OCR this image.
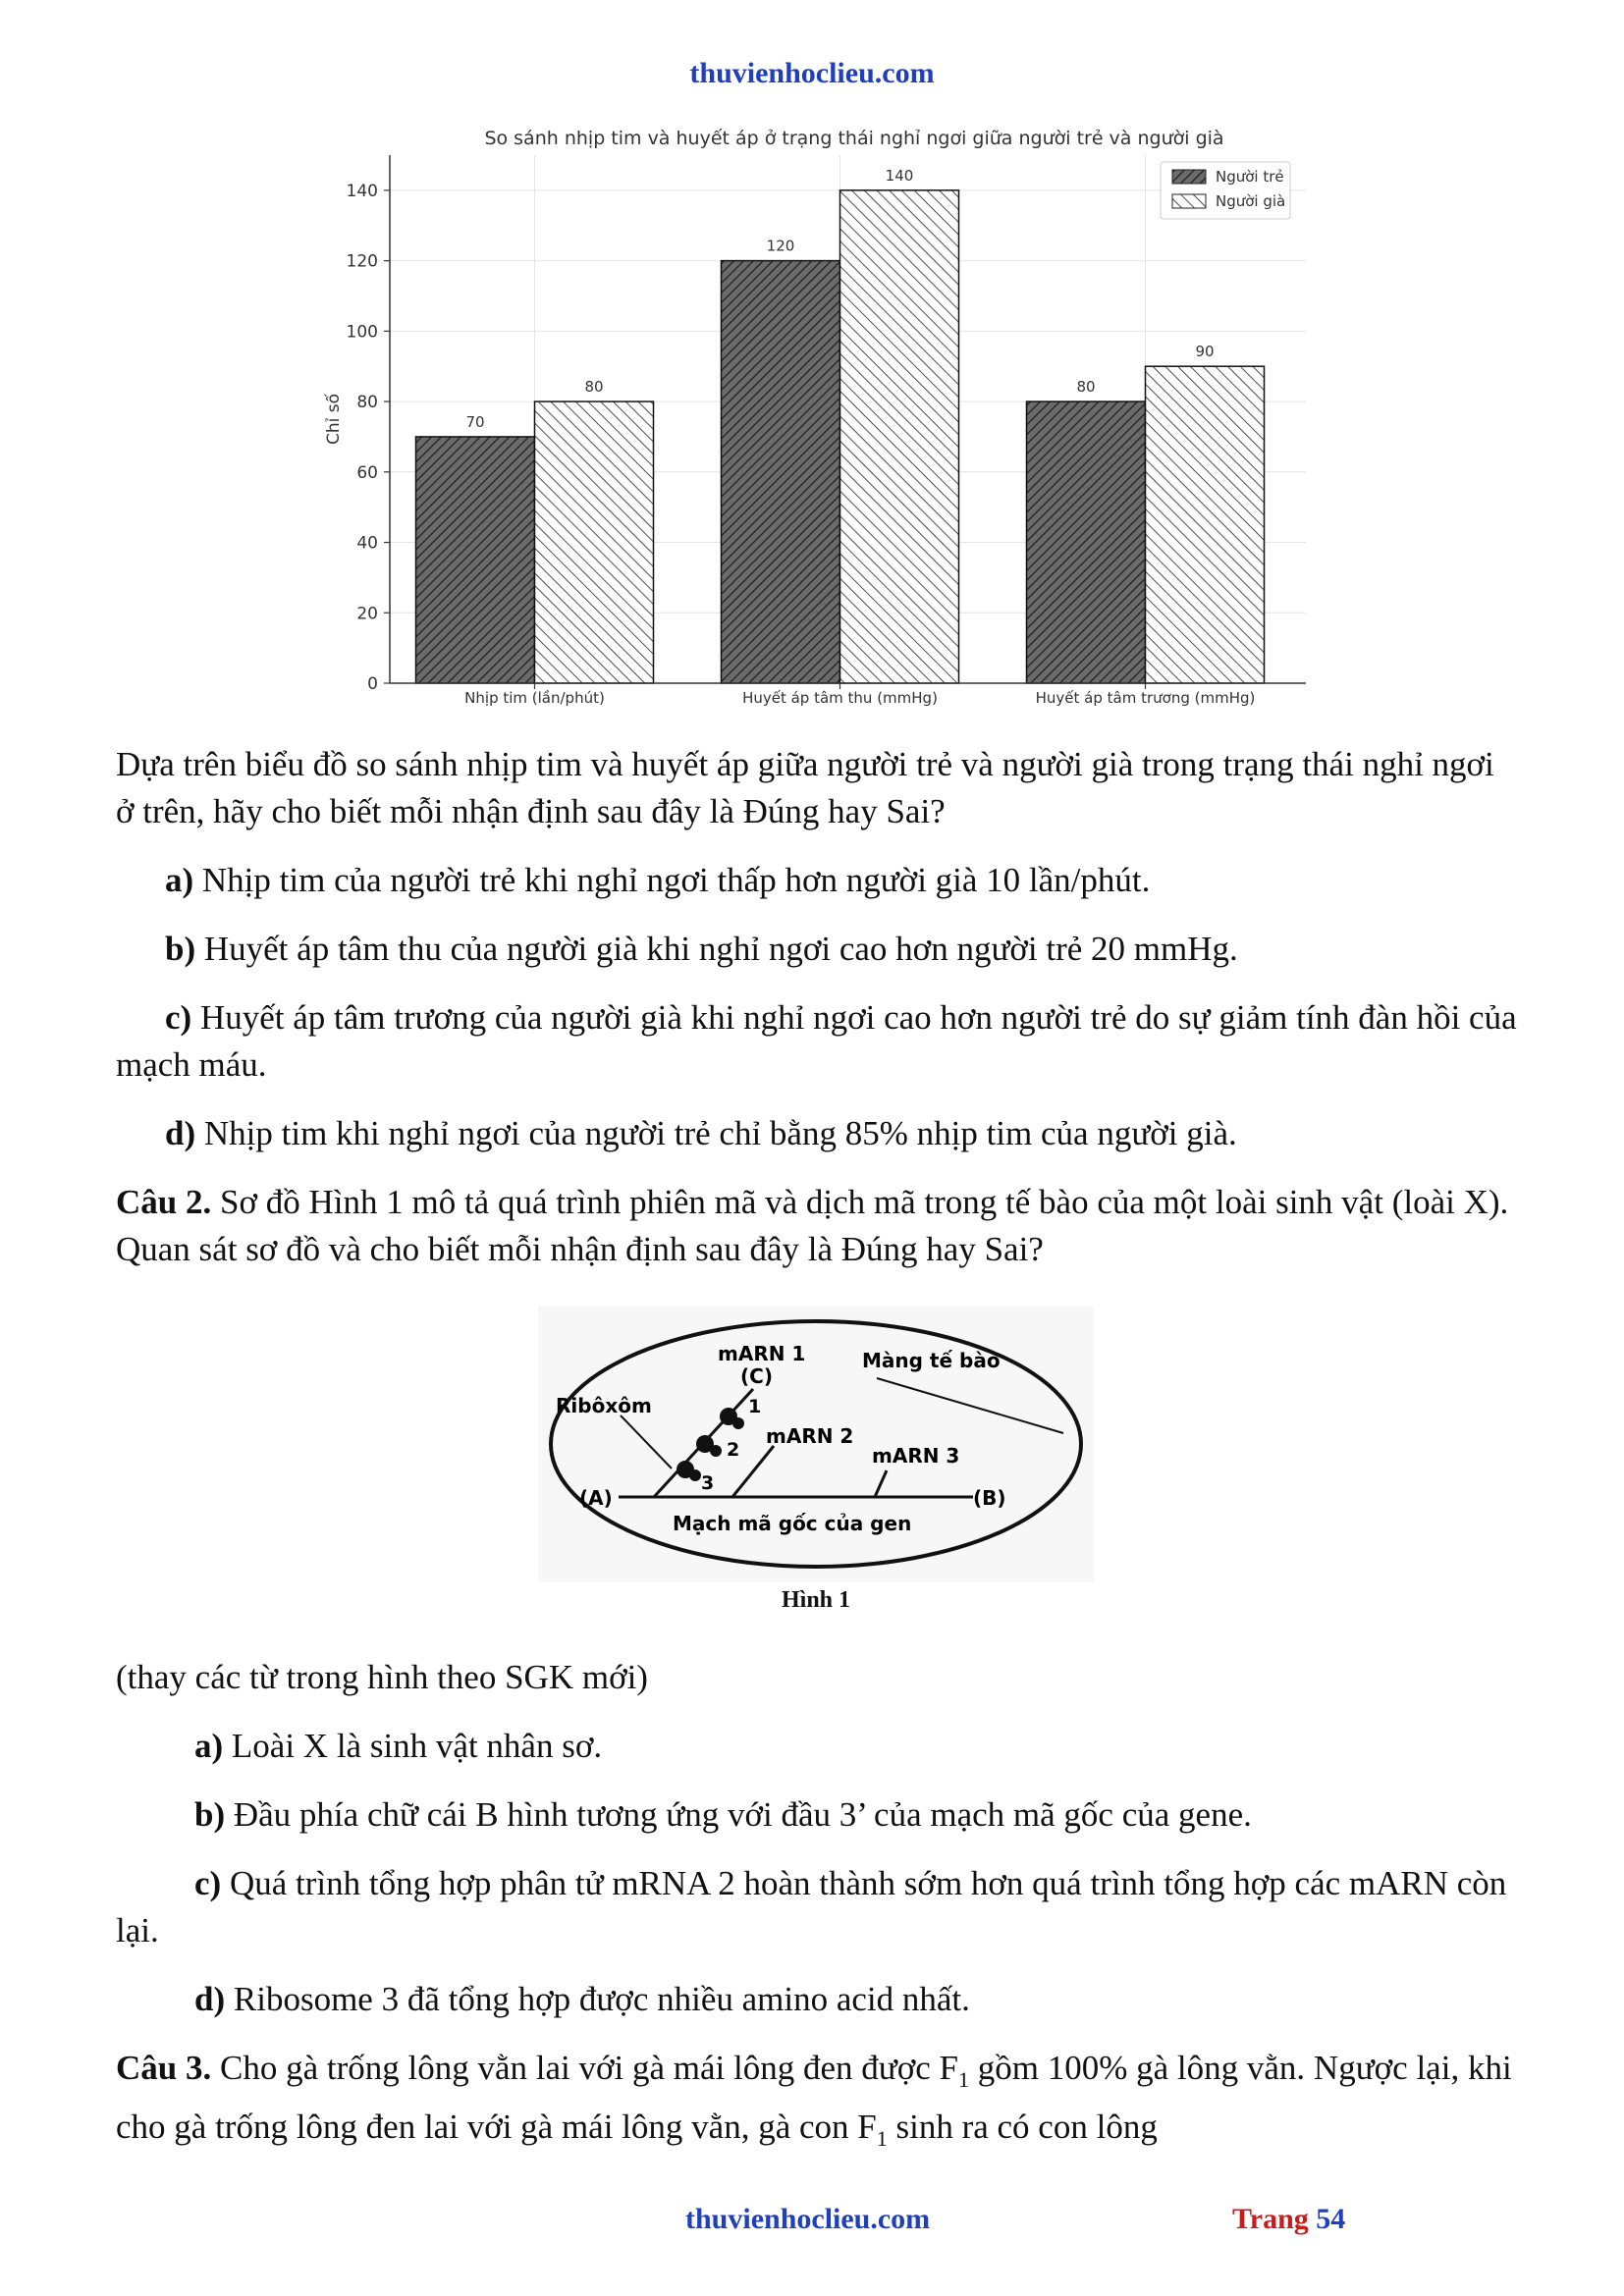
thuvienhoclieu.com
So sánh nhịp tim và huyết áp ở trạng thái nghỉ ngơi giữa người trẻ và người già
0
20
40
60
80
100
120
140
70
80
120
140
80
90
Nhịp tim (lần/phút)	Huyết áp tâm thu (mmHg)	Huyết áp tâm trương (mmHg)
Chỉ số
Người trẻ
Người già

Dựa trên biểu đồ so sánh nhịp tim và huyết áp giữa người trẻ và người già trong trạng thái nghỉ ngơi ở trên, hãy cho biết mỗi nhận định sau đây là Đúng hay Sai?

a) Nhịp tim của người trẻ khi nghỉ ngơi thấp hơn người già 10 lần/phút.

b) Huyết áp tâm thu của người già khi nghỉ ngơi cao hơn người trẻ 20 mmHg.

c) Huyết áp tâm trương của người già khi nghỉ ngơi cao hơn người trẻ do sự giảm tính đàn hồi của mạch máu.

d) Nhịp tim khi nghỉ ngơi của người trẻ chỉ bằng 85% nhịp tim của người già.

Câu 2. Sơ đồ Hình 1 mô tả quá trình phiên mã và dịch mã trong tế bào của một loài sinh vật (loài X). Quan sát sơ đồ và cho biết mỗi nhận định sau đây là Đúng hay Sai?

mARN 1
(C)
Màng tế bào
Ribôxôm	1
2
3
mARN 2
mARN 3
(A)	(B)
Mạch mã gốc của gen
Hình 1

(thay các từ trong hình theo SGK mới)

a) Loài X là sinh vật nhân sơ.

b) Đầu phía chữ cái B hình tương ứng với đầu 3’ của mạch mã gốc của gene.

c) Quá trình tổng hợp phân tử mRNA 2 hoàn thành sớm hơn quá trình tổng hợp các mARN còn lại.

d) Ribosome 3 đã tổng hợp được nhiều amino acid nhất.

Câu 3. Cho gà trống lông vằn lai với gà mái lông đen được $F_1$ gồm 100% gà lông vằn. Ngược lại, khi cho gà trống lông đen lai với gà mái lông vằn, gà con $F_1$ sinh ra có con lông

thuvienhoclieu.com	Trang 54
